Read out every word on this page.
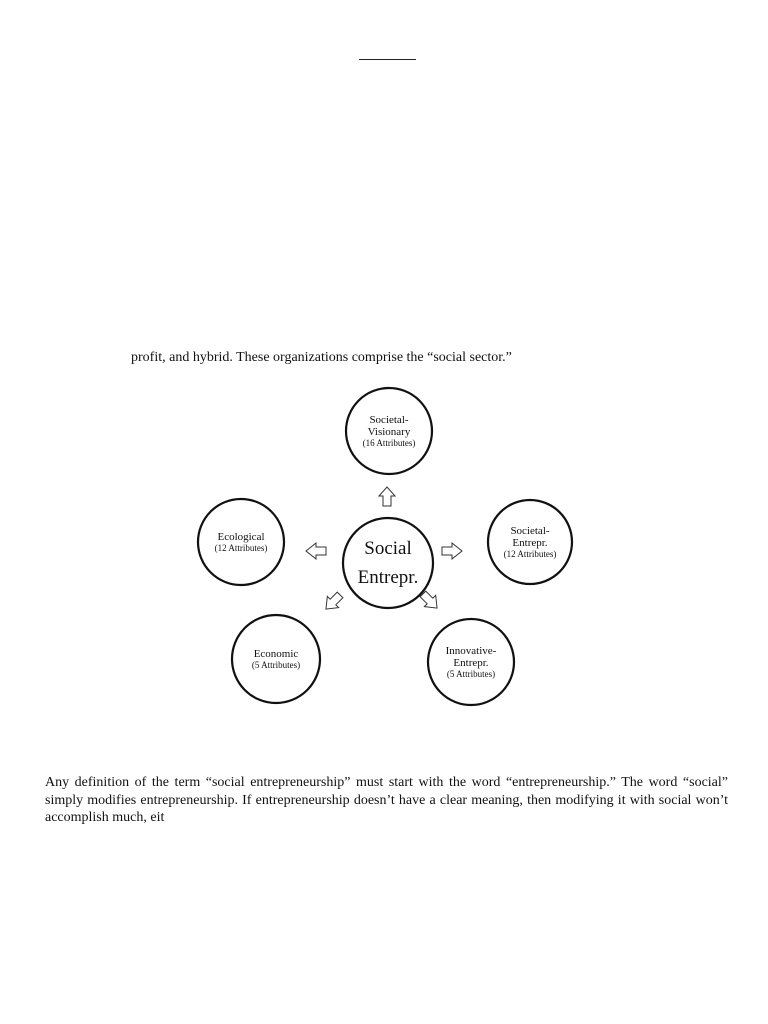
profit, and hybrid. These organizations comprise the “social sector.”
Social
Entrepr.
Societal-
Visionary
(16 Attributes)
Societal-
Entrepr.
(12 Attributes)
Innovative-
Entrepr.
(5 Attributes)
Economic
(5 Attributes)
Ecological
(12 Attributes)

Any definition of the term “social entrepreneurship” must start with the word “entrepreneurship.” The word “social” simply modifies entrepreneurship. If entrepreneurship doesn’t have a clear meaning, then modifying it with social won’t accomplish much, eit
